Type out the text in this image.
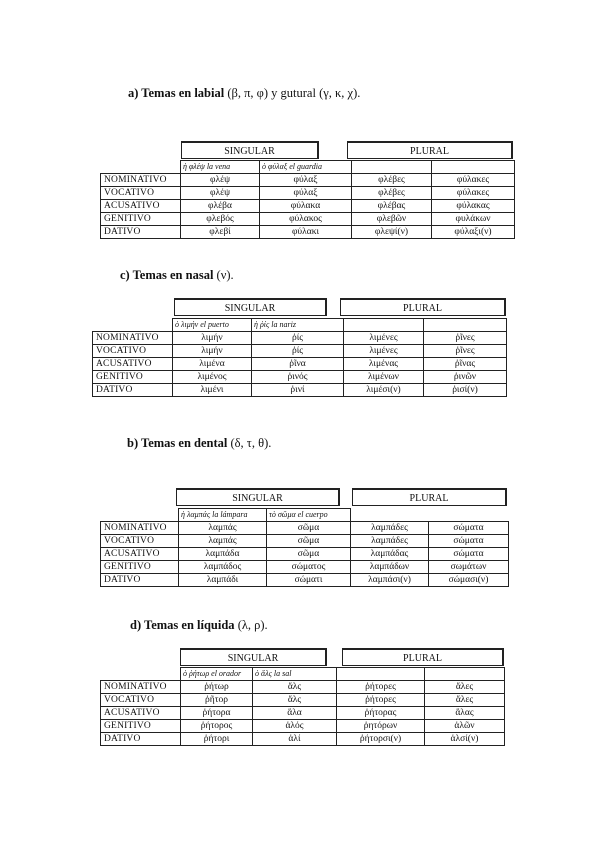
a) Temas en labial (β, π, φ) y gutural (γ, κ, χ).
SINGULAR	PLURAL
	ἡ φλέψ la vena	ὁ φύλαξ el guardia		
NOMINATIVO	φλέψ	φύλαξ	φλέβες	φύλακες
VOCATIVO	φλέψ	φύλαξ	φλέβες	φύλακες
ACUSATIVO	φλέβα	φύλακα	φλέβας	φύλακας
GENITIVO	φλεβός	φύλακος	φλεβῶν	φυλάκων
DATIVO	φλεβί	φύλακι	φλεψί(ν)	φύλαξι(ν)
c) Temas en nasal (ν).
SINGULAR	PLURAL
	ὁ λιμήν el puerto	ἡ ῥίς la nariz		
NOMINATIVO	λιμήν	ῥίς	λιμένες	ῥῖνες
VOCATIVO	λιμήν	ῥίς	λιμένες	ῥῖνες
ACUSATIVO	λιμένα	ῥῖνα	λιμένας	ῥῖνας
GENITIVO	λιμένος	ῥινός	λιμένων	ῥινῶν
DATIVO	λιμένι	ῥινί	λιμέσι(ν)	ῥισί(ν)
b) Temas en dental (δ, τ, θ).
SINGULAR	PLURAL
	ἡ λαμπάς la lámpara	τὸ σῶμα el cuerpo		
NOMINATIVO	λαμπάς	σῶμα	λαμπάδες	σώματα
VOCATIVO	λαμπάς	σῶμα	λαμπάδες	σώματα
ACUSATIVO	λαμπάδα	σῶμα	λαμπάδας	σώματα
GENITIVO	λαμπάδος	σώματος	λαμπάδων	σωμάτων
DATIVO	λαμπάδι	σώματι	λαμπάσι(ν)	σώμασι(ν)
d) Temas en líquida (λ, ρ).
SINGULAR	PLURAL
	ὁ ῥήτωρ el orador	ὁ ἅλς la sal		
NOMINATIVO	ῥήτωρ	ἅλς	ῥήτορες	ἅλες
VOCATIVO	ῥῆτορ	ἅλς	ῥήτορες	ἅλες
ACUSATIVO	ῥήτορα	ἅλα	ῥήτορας	ἅλας
GENITIVO	ῥήτορος	ἁλός	ῥητόρων	ἁλῶν
DATIVO	ῥήτορι	ἁλί	ῥήτορσι(ν)	ἁλσί(ν)
